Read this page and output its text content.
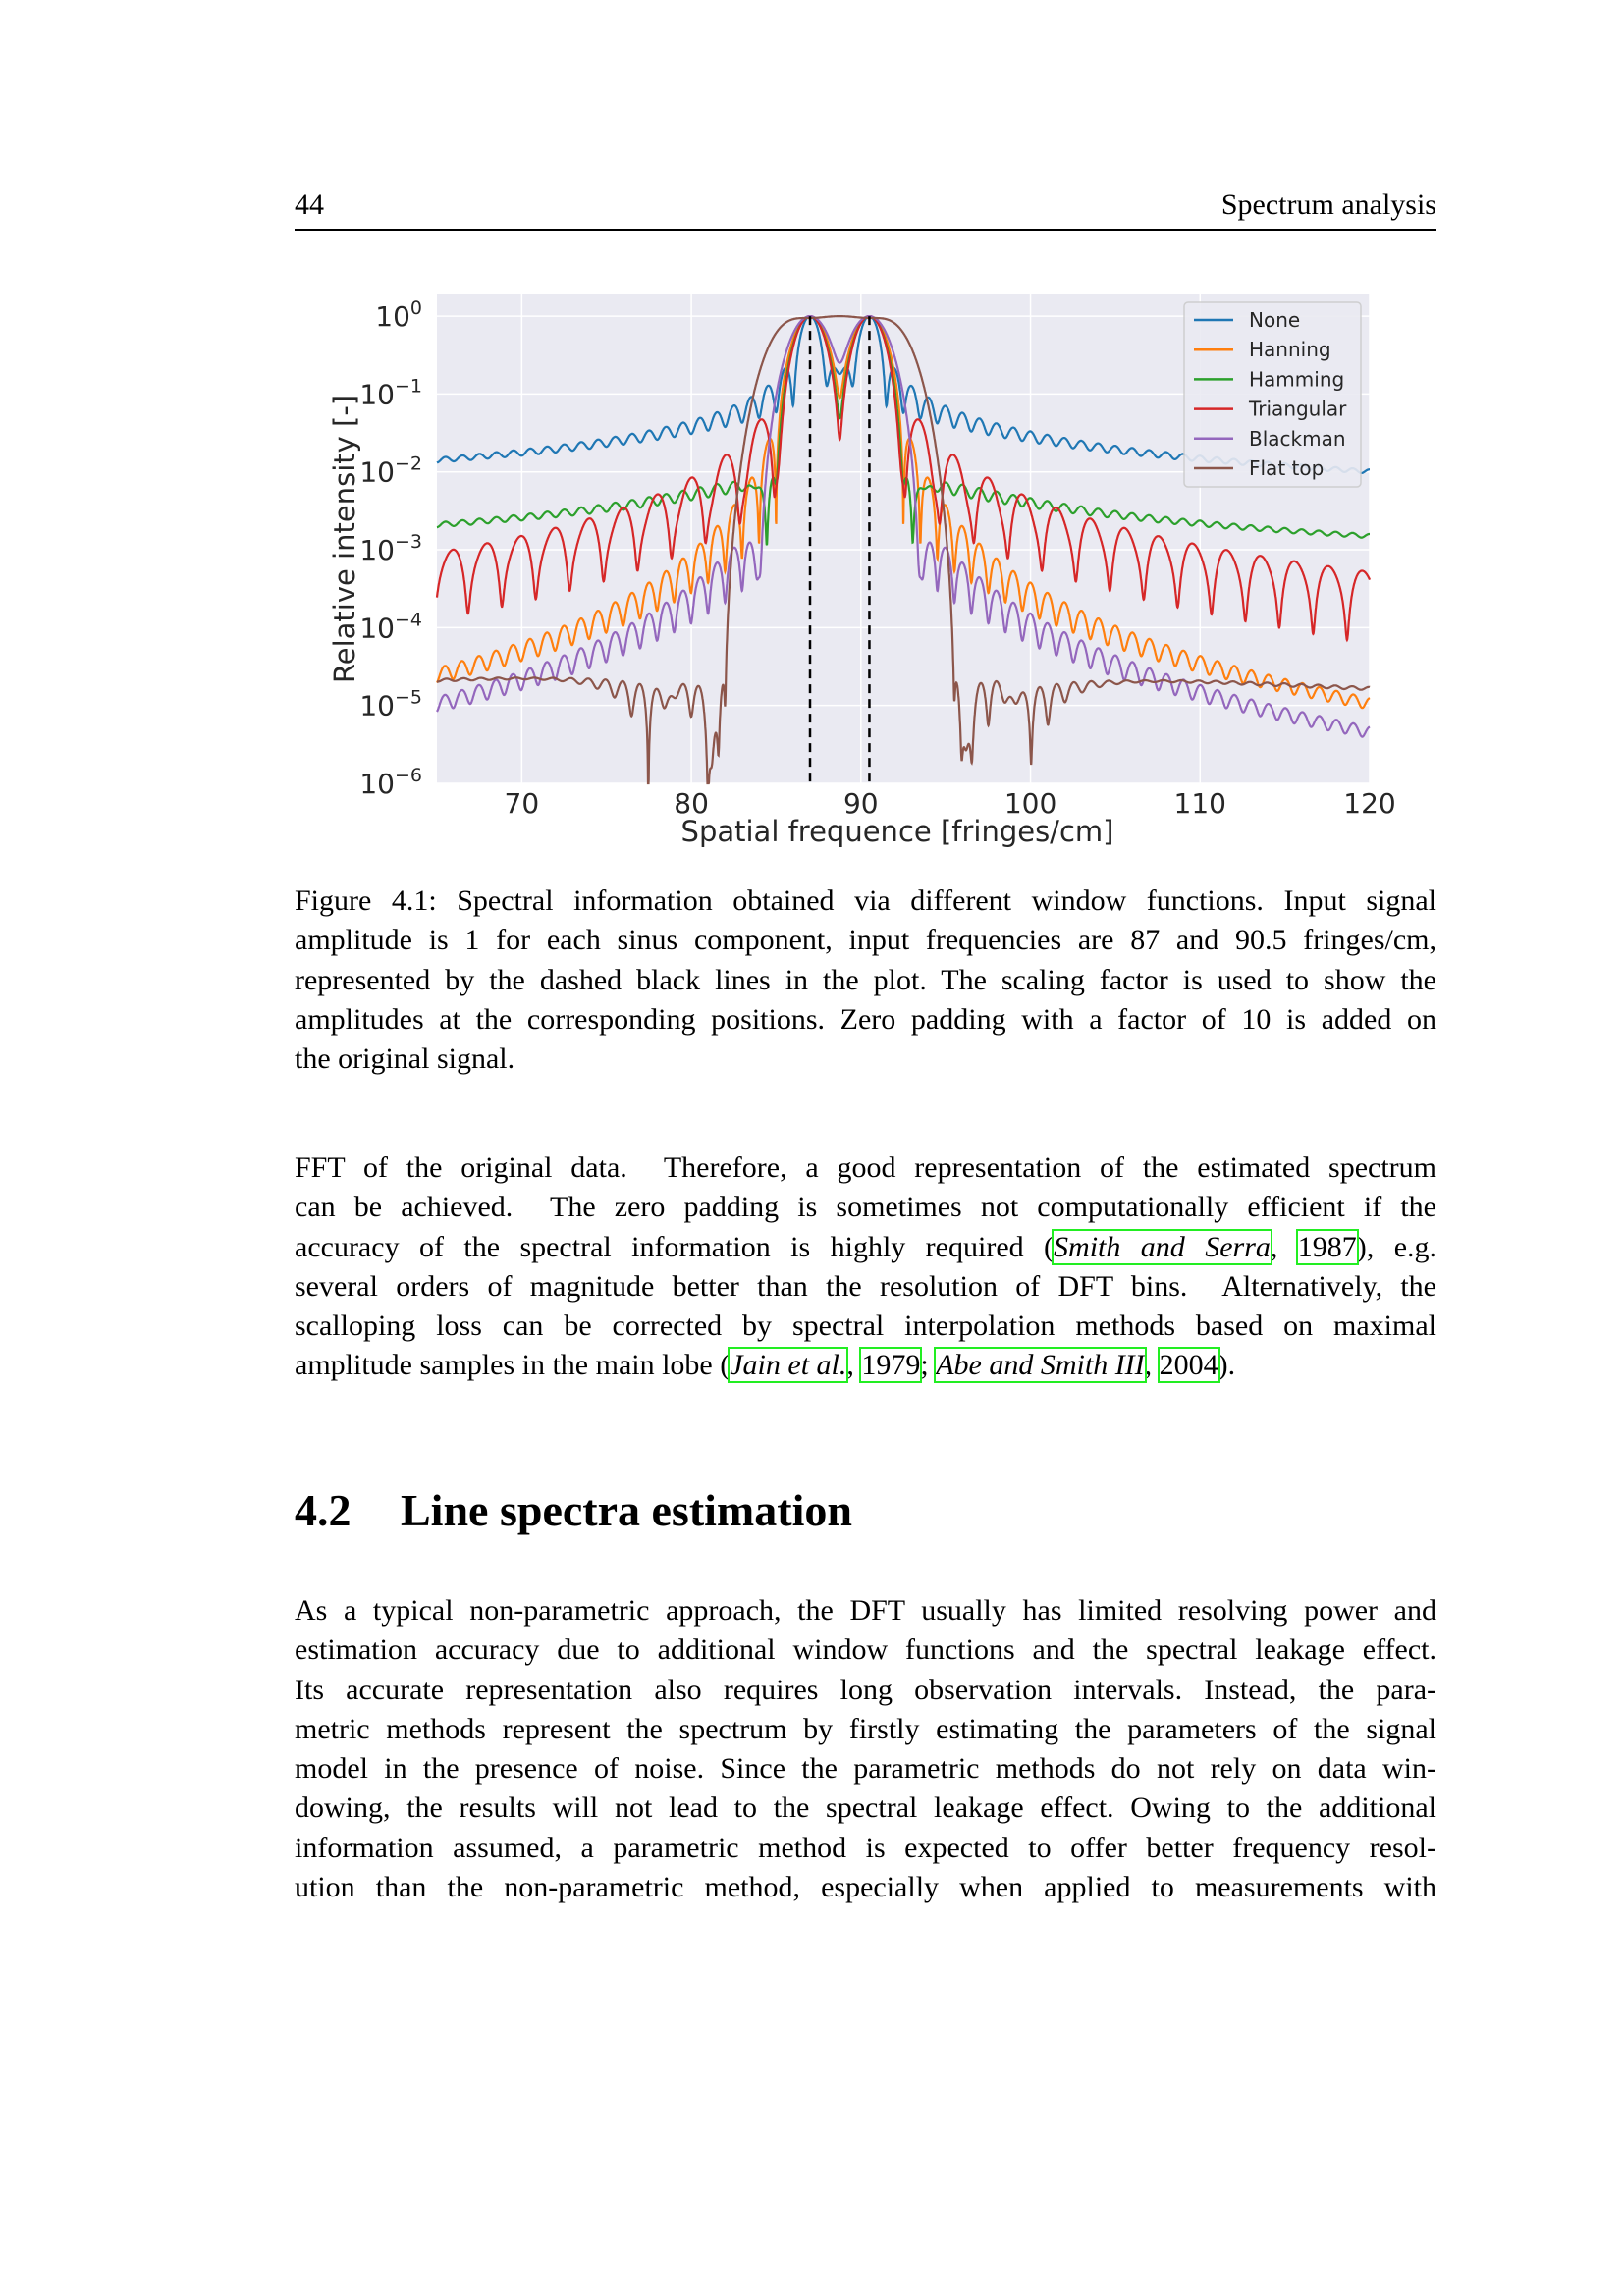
44	Spectrum analysis
70	80	90	100	110	120
$10^0$
$10^{-1}$
$10^{-2}$
$10^{-3}$
$10^{-4}$
$10^{-5}$
$10^{-6}$
Spatial frequence [fringes/cm]
Relative intensity [-]
None
Hanning
Hamming
Triangular
Blackman
Flat top
Figure 4.1: Spectral information obtained via different window functions. Input signal
amplitude is 1 for each sinus component, input frequencies are 87 and 90.5 fringes/cm,
represented by the dashed black lines in the plot. The scaling factor is used to show the
amplitudes at the corresponding positions. Zero padding with a factor of 10 is added on
the original signal.
FFT of the original data.  Therefore, a good representation of the estimated spectrum
can be achieved.  The zero padding is sometimes not computationally efficient if the
accuracy of the spectral information is highly required (Smith and Serra, 1987), e.g.
several orders of magnitude better than the resolution of DFT bins.  Alternatively, the
scalloping loss can be corrected by spectral interpolation methods based on maximal
amplitude samples in the main lobe (Jain et al., 1979; Abe and Smith III, 2004).
4.2 Line spectra estimation
As a typical non-parametric approach, the DFT usually has limited resolving power and
estimation accuracy due to additional window functions and the spectral leakage effect.
Its accurate representation also requires long observation intervals. Instead, the para-
metric methods represent the spectrum by firstly estimating the parameters of the signal
model in the presence of noise. Since the parametric methods do not rely on data win-
dowing, the results will not lead to the spectral leakage effect. Owing to the additional
information assumed, a parametric method is expected to offer better frequency resol-
ution than the non-parametric method, especially when applied to measurements with
